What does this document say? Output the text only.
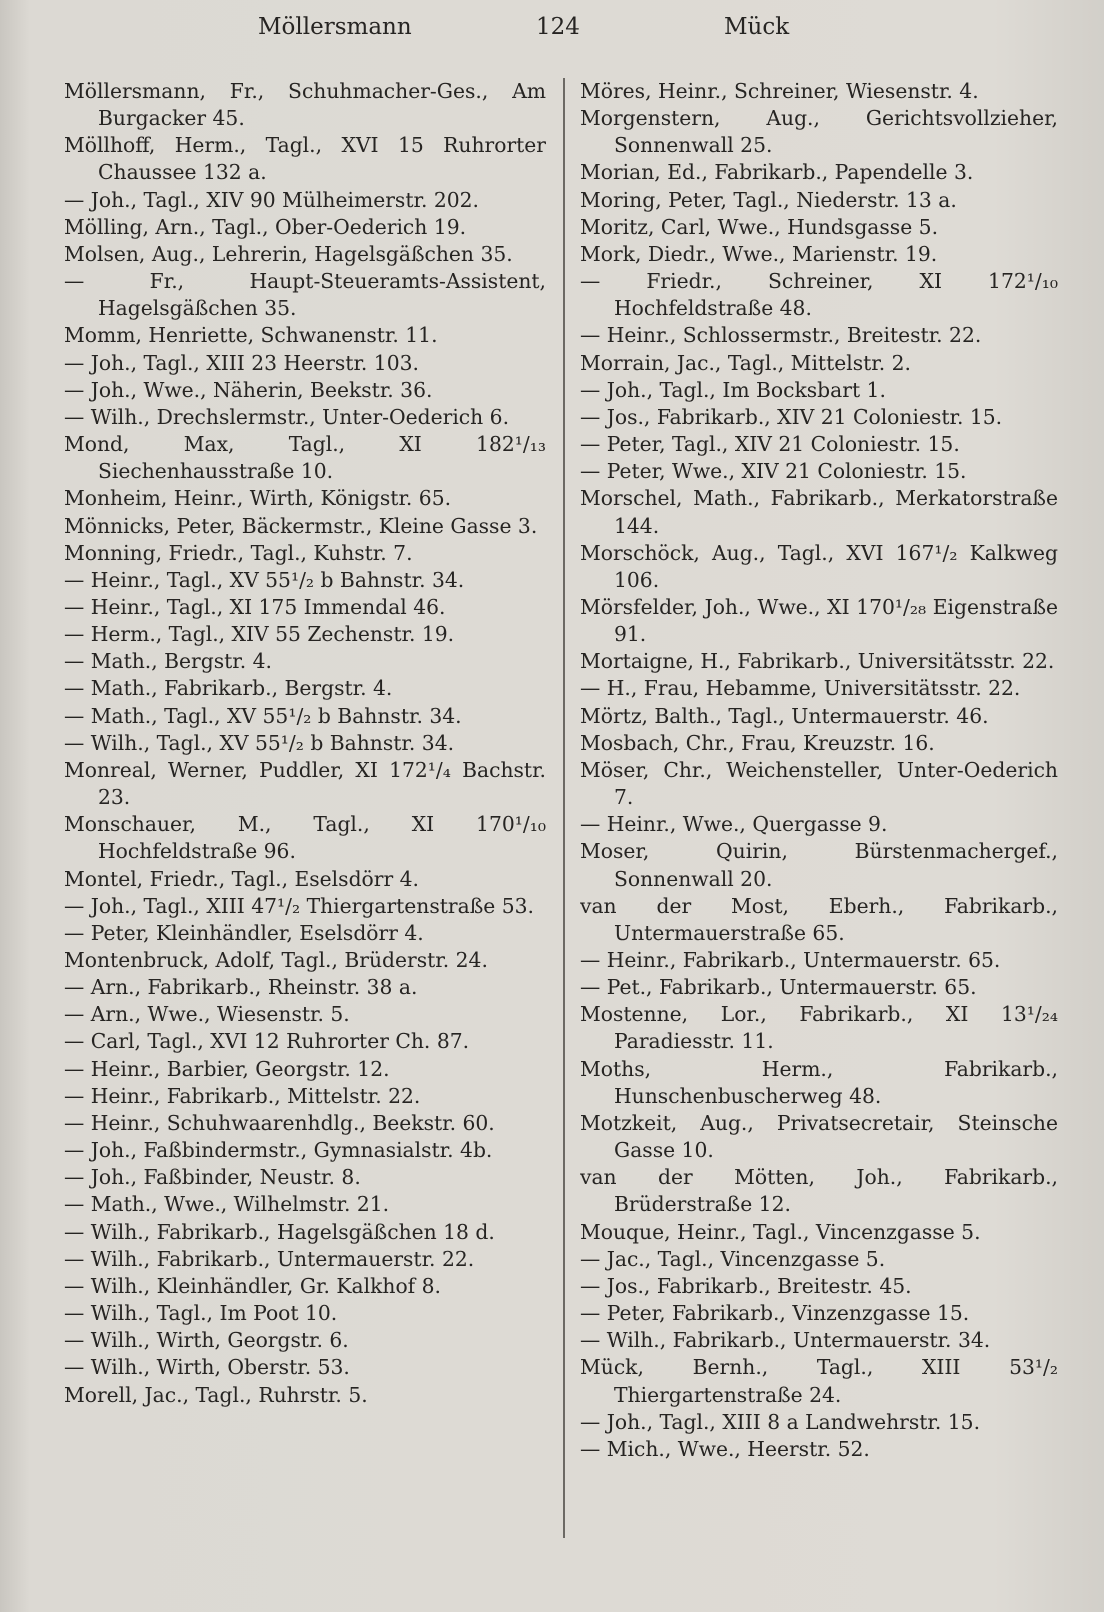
Möllersmann	124	Mück

Möllersmann, Fr., Schuhmacher-Ges., Am Burgacker 45.

Möllhoff, Herm., Tagl., XVI 15 Ruhrorter Chaussee 132 a.

— Joh., Tagl., XIV 90 Mülheimerstr. 202.

Mölling, Arn., Tagl., Ober-Oederich 19.

Molsen, Aug., Lehrerin, Hagelsgäßchen 35.

— Fr., Haupt-Steueramts-Assistent, Hagelsgäßchen 35.

Momm, Henriette, Schwanenstr. 11.

— Joh., Tagl., XIII 23 Heerstr. 103.

— Joh., Wwe., Näherin, Beekstr. 36.

— Wilh., Drechslermstr., Unter-Oederich 6.

Mond, Max, Tagl., XI 182¹/₁₃ Siechenhausstraße 10.

Monheim, Heinr., Wirth, Königstr. 65.

Mönnicks, Peter, Bäckermstr., Kleine Gasse 3.

Monning, Friedr., Tagl., Kuhstr. 7.

— Heinr., Tagl., XV 55¹/₂ b Bahnstr. 34.

— Heinr., Tagl., XI 175 Immendal 46.

— Herm., Tagl., XIV 55 Zechenstr. 19.

— Math., Bergstr. 4.

— Math., Fabrikarb., Bergstr. 4.

— Math., Tagl., XV 55¹/₂ b Bahnstr. 34.

— Wilh., Tagl., XV 55¹/₂ b Bahnstr. 34.

Monreal, Werner, Puddler, XI 172¹/₄ Bachstr. 23.

Monschauer, M., Tagl., XI 170¹/₁₀ Hochfeldstraße 96.

Montel, Friedr., Tagl., Eselsdörr 4.

— Joh., Tagl., XIII 47¹/₂ Thiergartenstraße 53.

— Peter, Kleinhändler, Eselsdörr 4.

Montenbruck, Adolf, Tagl., Brüderstr. 24.

— Arn., Fabrikarb., Rheinstr. 38 a.

— Arn., Wwe., Wiesenstr. 5.

— Carl, Tagl., XVI 12 Ruhrorter Ch. 87.

— Heinr., Barbier, Georgstr. 12.

— Heinr., Fabrikarb., Mittelstr. 22.

— Heinr., Schuhwaarenhdlg., Beekstr. 60.

— Joh., Faßbindermstr., Gymnasialstr. 4b.

— Joh., Faßbinder, Neustr. 8.

— Math., Wwe., Wilhelmstr. 21.

— Wilh., Fabrikarb., Hagelsgäßchen 18 d.

— Wilh., Fabrikarb., Untermauerstr. 22.

— Wilh., Kleinhändler, Gr. Kalkhof 8.

— Wilh., Tagl., Im Poot 10.

— Wilh., Wirth, Georgstr. 6.

— Wilh., Wirth, Oberstr. 53.

Morell, Jac., Tagl., Ruhrstr. 5.

Möres, Heinr., Schreiner, Wiesenstr. 4.

Morgenstern, Aug., Gerichtsvollzieher, Sonnenwall 25.

Morian, Ed., Fabrikarb., Papendelle 3.

Moring, Peter, Tagl., Niederstr. 13 a.

Moritz, Carl, Wwe., Hundsgasse 5.

Mork, Diedr., Wwe., Marienstr. 19.

— Friedr., Schreiner, XI 172¹/₁₀ Hochfeldstraße 48.

— Heinr., Schlossermstr., Breitestr. 22.

Morrain, Jac., Tagl., Mittelstr. 2.

— Joh., Tagl., Im Bocksbart 1.

— Jos., Fabrikarb., XIV 21 Coloniestr. 15.

— Peter, Tagl., XIV 21 Coloniestr. 15.

— Peter, Wwe., XIV 21 Coloniestr. 15.

Morschel, Math., Fabrikarb., Merkatorstraße 144.

Morschöck, Aug., Tagl., XVI 167¹/₂ Kalkweg 106.

Mörsfelder, Joh., Wwe., XI 170¹/₂₈ Eigenstraße 91.

Mortaigne, H., Fabrikarb., Universitätsstr. 22.

— H., Frau, Hebamme, Universitätsstr. 22.

Mörtz, Balth., Tagl., Untermauerstr. 46.

Mosbach, Chr., Frau, Kreuzstr. 16.

Möser, Chr., Weichensteller, Unter-Oederich 7.

— Heinr., Wwe., Quergasse 9.

Moser, Quirin, Bürstenmachergef., Sonnenwall 20.

van der Most, Eberh., Fabrikarb., Untermauerstraße 65.

— Heinr., Fabrikarb., Untermauerstr. 65.

— Pet., Fabrikarb., Untermauerstr. 65.

Mostenne, Lor., Fabrikarb., XI 13¹/₂₄ Paradiesstr. 11.

Moths, Herm., Fabrikarb., Hunschenbuscherweg 48.

Motzkeit, Aug., Privatsecretair, Steinsche Gasse 10.

van der Mötten, Joh., Fabrikarb., Brüderstraße 12.

Mouque, Heinr., Tagl., Vincenzgasse 5.

— Jac., Tagl., Vincenzgasse 5.

— Jos., Fabrikarb., Breitestr. 45.

— Peter, Fabrikarb., Vinzenzgasse 15.

— Wilh., Fabrikarb., Untermauerstr. 34.

Mück, Bernh., Tagl., XIII 53¹/₂ Thiergartenstraße 24.

— Joh., Tagl., XIII 8 a Landwehrstr. 15.

— Mich., Wwe., Heerstr. 52.
